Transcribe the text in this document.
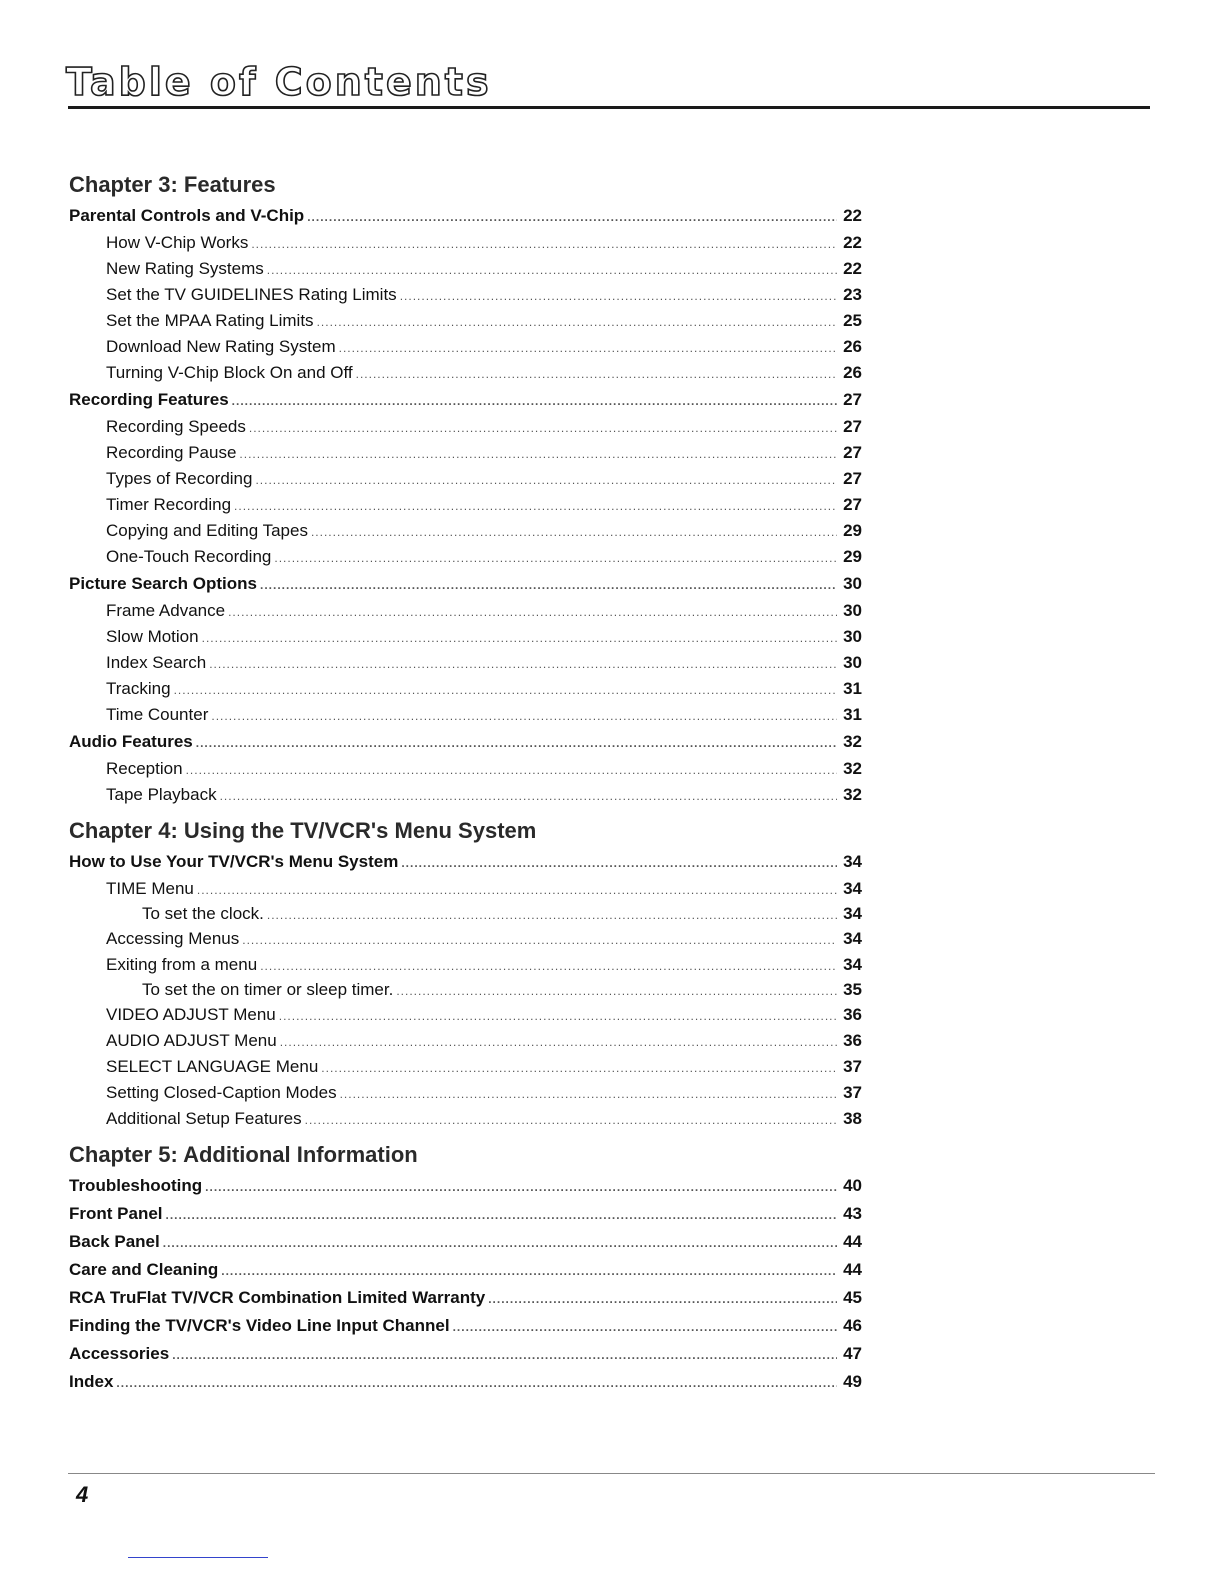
Table of Contents
Chapter 3: Features
Parental Controls and V-Chip .....	22
How V-Chip Works .....	22
New Rating Systems .....	22
Set the TV GUIDELINES Rating Limits .....	23
Set the MPAA Rating Limits .....	25
Download New Rating System .....	26
Turning V-Chip Block On and Off .....	26
Recording Features .....	27
Recording Speeds .....	27
Recording Pause .....	27
Types of Recording .....	27
Timer Recording .....	27
Copying and Editing Tapes .....	29
One-Touch Recording .....	29
Picture Search Options .....	30
Frame Advance .....	30
Slow Motion .....	30
Index Search .....	30
Tracking .....	31
Time Counter .....	31
Audio Features .....	32
Reception .....	32
Tape Playback .....	32
Chapter 4: Using the TV/VCR's Menu System
How to Use Your TV/VCR's Menu System .....	34
TIME Menu .....	34
To set the clock. .....	34
Accessing Menus .....	34
Exiting from a menu .....	34
To set the on timer or sleep timer. .....	35
VIDEO ADJUST Menu .....	36
AUDIO ADJUST Menu .....	36
SELECT LANGUAGE Menu .....	37
Setting Closed-Caption Modes .....	37
Additional Setup Features .....	38
Chapter 5: Additional Information
Troubleshooting .....	40
Front Panel .....	43
Back Panel .....	44
Care and Cleaning .....	44
RCA TruFlat TV/VCR Combination Limited Warranty .....	45
Finding the TV/VCR's Video Line Input Channel .....	46
Accessories .....	47
Index .....	49
4
